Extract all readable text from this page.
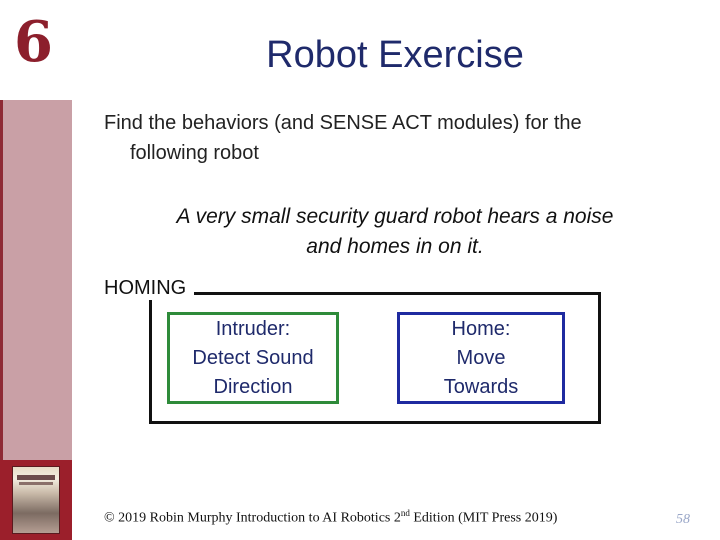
6	Robot Exercise
Find the behaviors (and SENSE ACT modules) for the
following robot
A very small security guard robot hears a noise
and homes in on it.
HOMING
Intruder:
Detect Sound
Direction
Home:
Move
Towards
© 2019 Robin Murphy Introduction to AI Robotics 2nd Edition (MIT Press 2019)	58
